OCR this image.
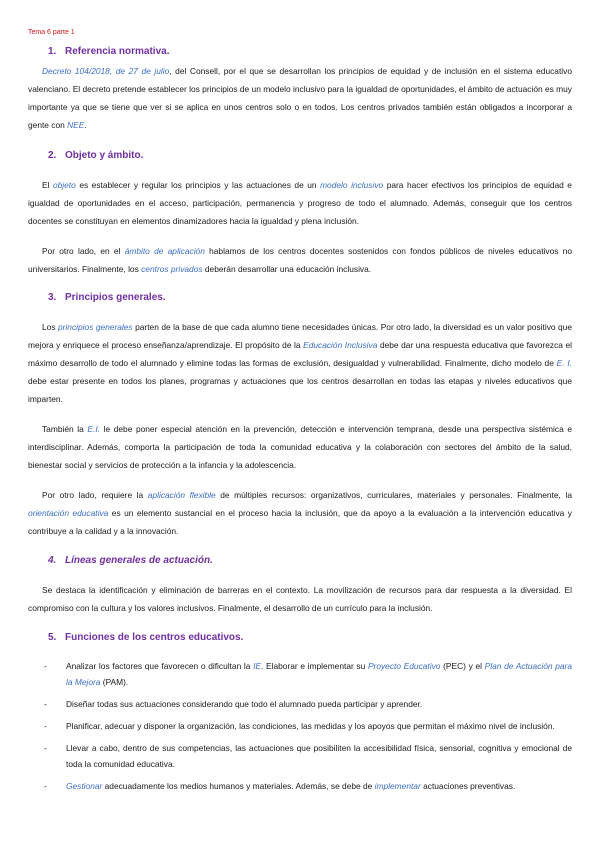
Tema 6 parte 1
1. Referencia normativa.
Decreto 104/2018, de 27 de julio, del Consell, por el que se desarrollan los principios de equidad y de inclusión en el sistema educativo valenciano. El decreto pretende establecer los principios de un modelo inclusivo para la igualdad de oportunidades, el ámbito de actuación es muy importante ya que se tiene que ver si se aplica en unos centros solo o en todos. Los centros privados también están obligados a incorporar a gente con NEE.
2. Objeto y ámbito.
El objeto es establecer y regular los principios y las actuaciones de un modelo inclusivo para hacer efectivos los principios de equidad e igualdad de oportunidades en el acceso, participación, permanencia y progreso de todo el alumnado. Además, conseguir que los centros docentes se constituyan en elementos dinamizadores hacia la igualdad y plena inclusión.
Por otro lado, en el ámbito de aplicación hablamos de los centros docentes sostenidos con fondos públicos de niveles educativos no universitarios. Finalmente, los centros privados deberán desarrollar una educación inclusiva.
3. Principios generales.
Los principios generales parten de la base de que cada alumno tiene necesidades únicas. Por otro lado, la diversidad es un valor positivo que mejora y enriquece el proceso enseñanza/aprendizaje. El propósito de la Educación Inclusiva debe dar una respuesta educativa que favorezca el máximo desarrollo de todo el alumnado y elimine todas las formas de exclusión, desigualdad y vulnerabilidad. Finalmente, dicho modelo de E. I. debe estar presente en todos los planes, programas y actuaciones que los centros desarrollan en todas las etapas y niveles educativos que imparten.
También la E.I. le debe poner especial atención en la prevención, detección e intervención temprana, desde una perspectiva sistémica e interdisciplinar. Además, comporta la participación de toda la comunidad educativa y la colaboración con sectores del ámbito de la salud, bienestar social y servicios de protección a la infancia y la adolescencia.
Por otro lado, requiere la aplicación flexible de múltiples recursos: organizativos, curriculares, materiales y personales. Finalmente, la orientación educativa es un elemento sustancial en el proceso hacia la inclusión, que da apoyo a la evaluación a la intervención educativa y contribuye a la calidad y a la innovación.
4. Líneas generales de actuación.
Se destaca la identificación y eliminación de barreras en el contexto. La movilización de recursos para dar respuesta a la diversidad. El compromiso con la cultura y los valores inclusivos. Finalmente, el desarrollo de un currículo para la inclusión.
5. Funciones de los centros educativos.
- Analizar los factores que favorecen o dificultan la IE. Elaborar e implementar su Proyecto Educativo (PEC) y el Plan de Actuación para la Mejora (PAM).
- Diseñar todas sus actuaciones considerando que todo el alumnado pueda participar y aprender.
- Planificar, adecuar y disponer la organización, las condiciones, las medidas y los apoyos que permitan el máximo nivel de inclusión.
- Llevar a cabo, dentro de sus competencias, las actuaciones que posibiliten la accesibilidad física, sensorial, cognitiva y emocional de toda la comunidad educativa.
- Gestionar adecuadamente los medios humanos y materiales. Además, se debe de implementar actuaciones preventivas.
